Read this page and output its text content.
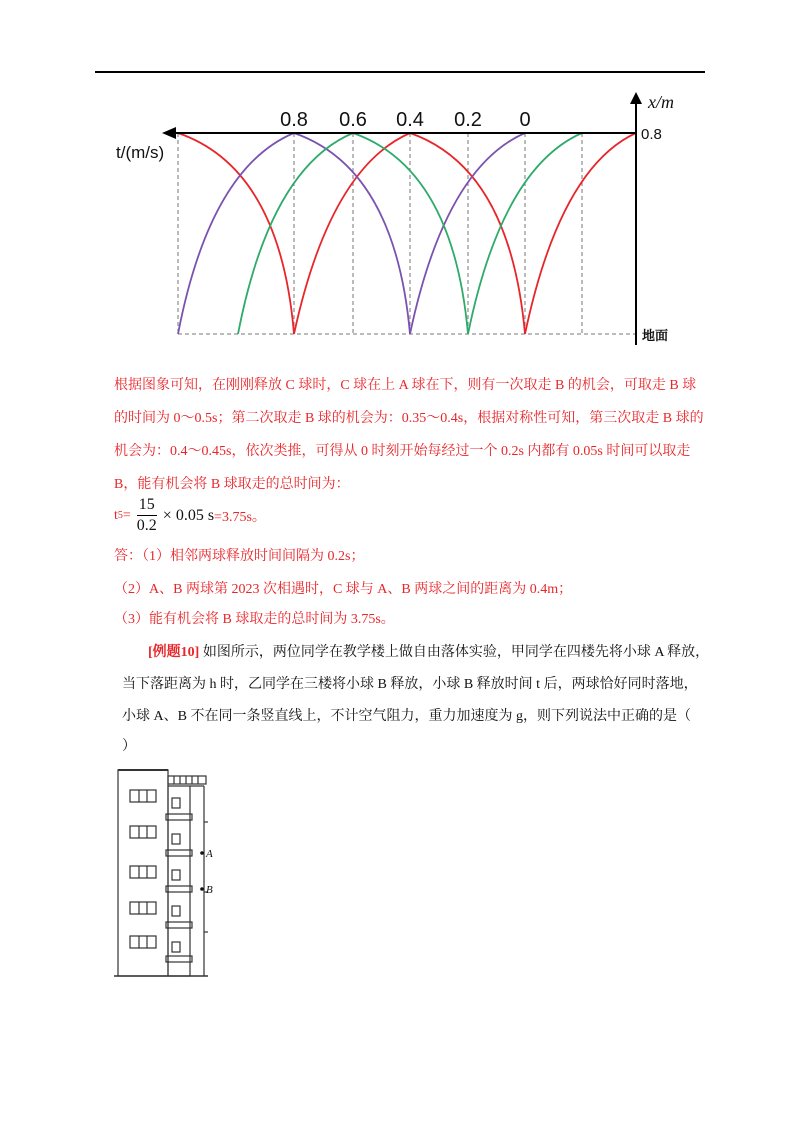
0.8 0.6 0.4 0.2 0
0.8
x/m
t/(m/s)
地面
根据图象可知，在刚刚释放 C 球时，C 球在上 A 球在下，则有一次取走 B 的机会，可取走 B 球
的时间为 0～0.5s；第二次取走 B 球的机会为：0.35～0.4s，根据对称性可知，第三次取走 B 球的
机会为：0.4～0.45s，依次类推，可得从 0 时刻开始每经过一个 0.2s 内都有 0.05s 时间可以取走
B，能有机会将 B 球取走的总时间为：
t $5 = \frac{15}{0.2} \times 0.05$ s =3.75s。
答：（1）相邻两球释放时间间隔为 0.2s；
（2）A、B 两球第 2023 次相遇时，C 球与 A、B 两球之间的距离为 0.4m；
（3）能有机会将 B 球取走的总时间为 3.75s。
[例题10] 如图所示，两位同学在教学楼上做自由落体实验，甲同学在四楼先将小球 A 释放，
当下落距离为 h 时，乙同学在三楼将小球 B 释放，小球 B 释放时间 t 后，两球恰好同时落地，
小球 A、B 不在同一条竖直线上，不计空气阻力，重力加速度为 g，则下列说法中正确的是（
）
A
B
